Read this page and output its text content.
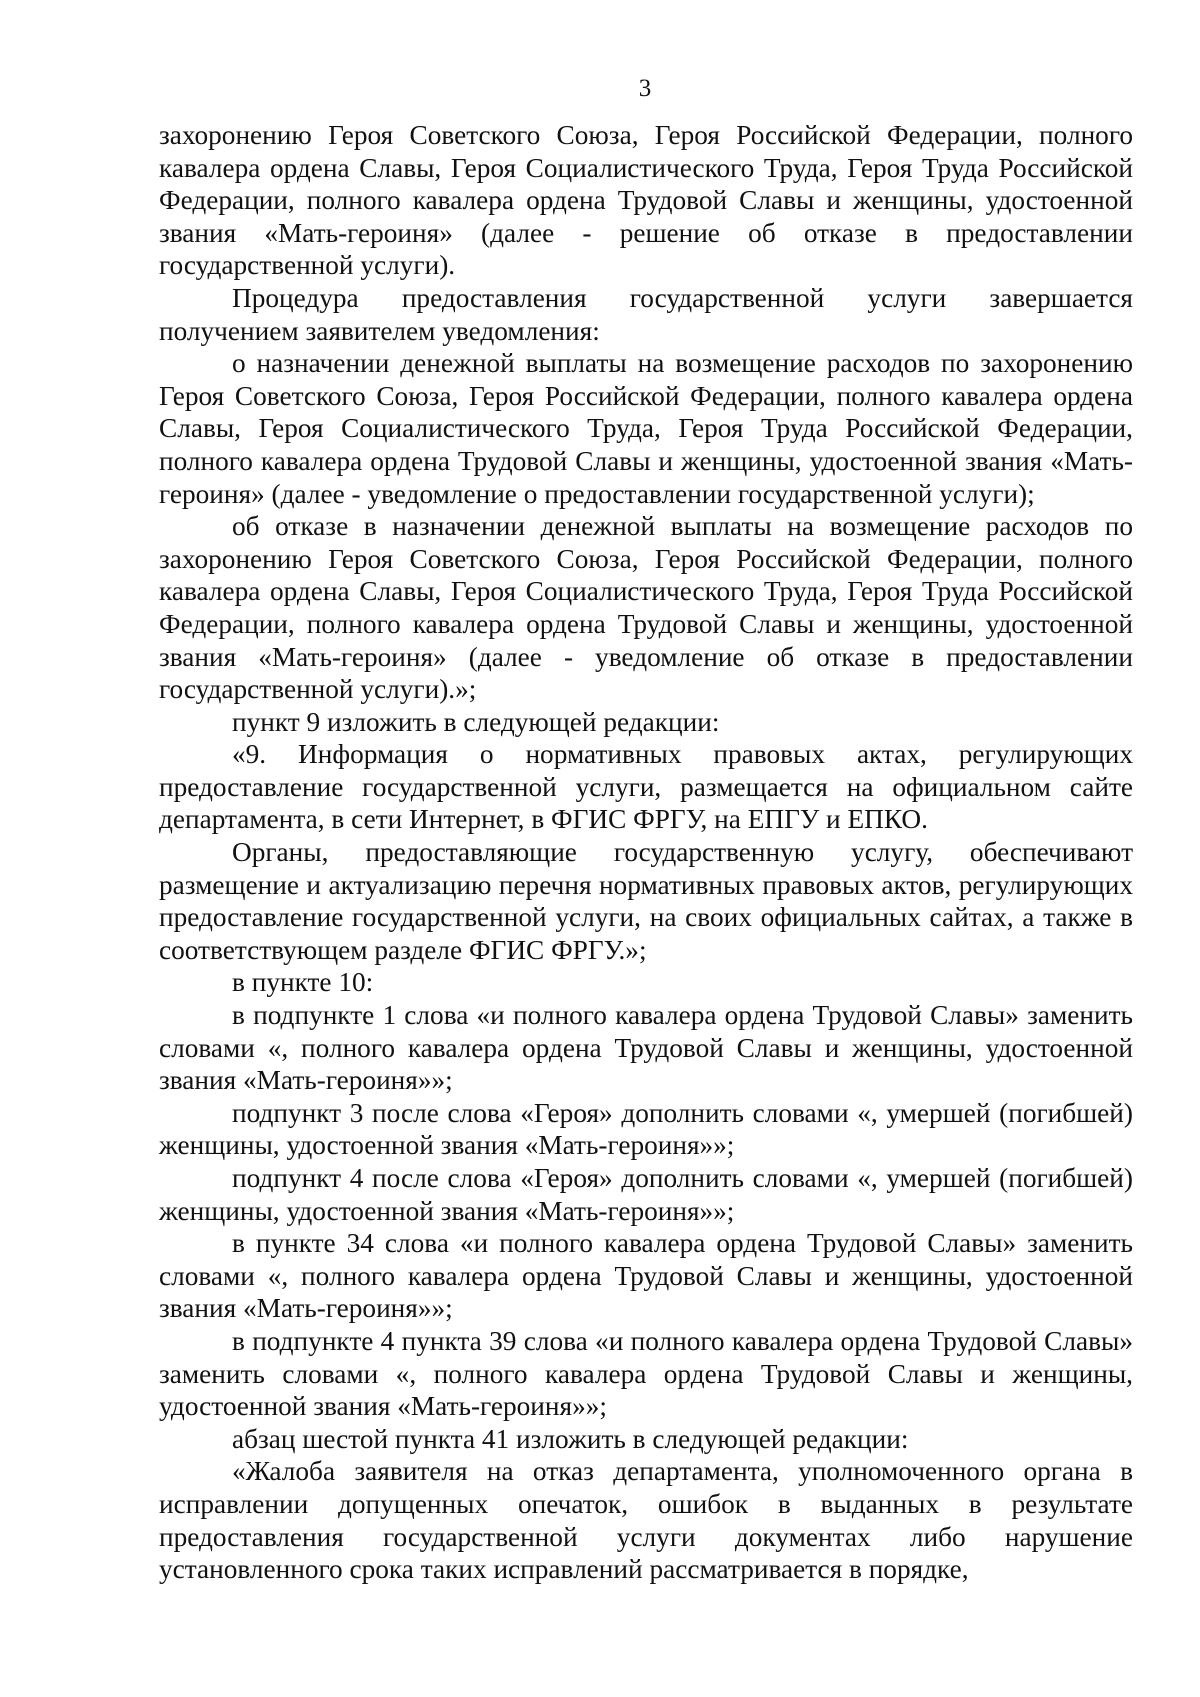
3

захоронению Героя Советского Союза, Героя Российской Федерации, полного кавалера ордена Славы, Героя Социалистического Труда, Героя Труда Российской Федерации, полного кавалера ордена Трудовой Славы и женщины, удостоенной звания «Мать-героиня» (далее - решение об отказе в предоставлении государственной услуги).

Процедура предоставления государственной услуги завершается получением заявителем уведомления:

о назначении денежной выплаты на возмещение расходов по захоронению Героя Советского Союза, Героя Российской Федерации, полного кавалера ордена Славы, Героя Социалистического Труда, Героя Труда Российской Федерации, полного кавалера ордена Трудовой Славы и женщины, удостоенной звания «Мать-героиня» (далее - уведомление о предоставлении государственной услуги);

об отказе в назначении денежной выплаты на возмещение расходов по захоронению Героя Советского Союза, Героя Российской Федерации, полного кавалера ордена Славы, Героя Социалистического Труда, Героя Труда Российской Федерации, полного кавалера ордена Трудовой Славы и женщины, удостоенной звания «Мать-героиня» (далее - уведомление об отказе в предоставлении государственной услуги).»;

пункт 9 изложить в следующей редакции:

«9. Информация о нормативных правовых актах, регулирующих предоставление государственной услуги, размещается на официальном сайте департамента, в сети Интернет, в ФГИС ФРГУ, на ЕПГУ и ЕПКО.

Органы, предоставляющие государственную услугу, обеспечивают размещение и актуализацию перечня нормативных правовых актов, регулирующих предоставление государственной услуги, на своих официальных сайтах, а также в соответствующем разделе ФГИС ФРГУ.»;

в пункте 10:

в подпункте 1 слова «и полного кавалера ордена Трудовой Славы» заменить словами «, полного кавалера ордена Трудовой Славы и женщины, удостоенной звания «Мать-героиня»»;

подпункт 3 после слова «Героя» дополнить словами «, умершей (погибшей) женщины, удостоенной звания «Мать-героиня»»;

подпункт 4 после слова «Героя» дополнить словами «, умершей (погибшей) женщины, удостоенной звания «Мать-героиня»»;

в пункте 34 слова «и полного кавалера ордена Трудовой Славы» заменить словами «, полного кавалера ордена Трудовой Славы и женщины, удостоенной звания «Мать-героиня»»;

в подпункте 4 пункта 39 слова «и полного кавалера ордена Трудовой Славы» заменить словами «, полного кавалера ордена Трудовой Славы и женщины, удостоенной звания «Мать-героиня»»;

абзац шестой пункта 41 изложить в следующей редакции:

«Жалоба заявителя на отказ департамента, уполномоченного органа в исправлении допущенных опечаток, ошибок в выданных в результате предоставления государственной услуги документах либо нарушение установленного срока таких исправлений рассматривается в порядке,
